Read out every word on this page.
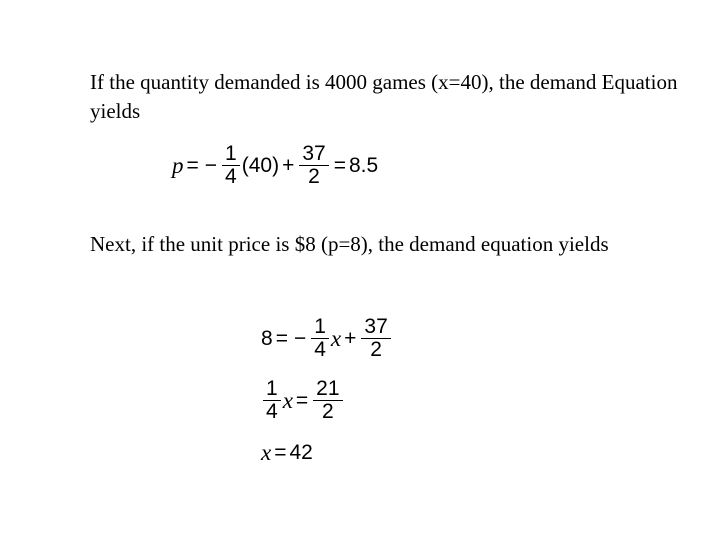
If the quantity demanded is 4000 games (x=40), the demand Equation yields

p = − $\frac{1}{4} (40) + \frac{37}{2} = 8.5$

Next, if the unit price is $8 (p=8), the demand equation yields

8 = − $\frac{1}{4}$ $x + \frac{37}{2}$
$\frac{1}{4}$ $x = \frac{21}{2}$
x = 42
